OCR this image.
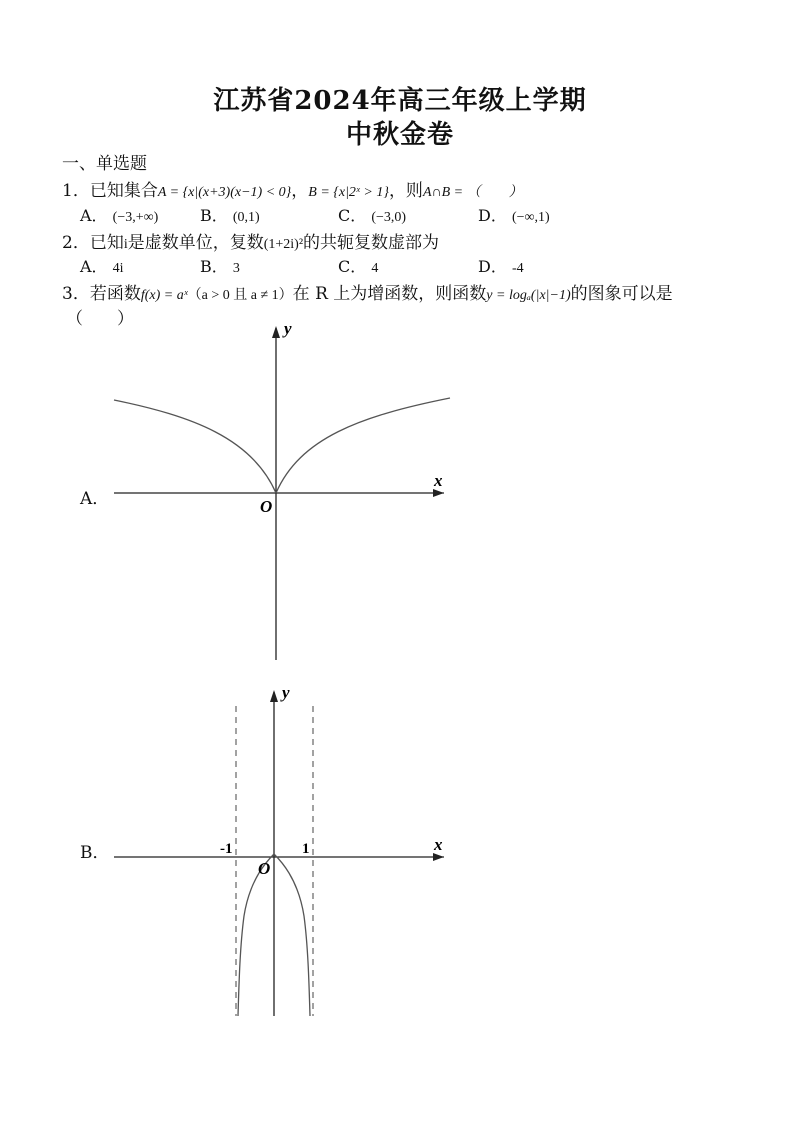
江苏省2024年高三年级上学期
中秋金卷
一、单选题
1．已知集合A = {x|(x+3)(x−1) < 0}，B = {x|2ˣ > 1}，则A∩B = （　　）
A． (−3,+∞)	B． (0,1)	C． (−3,0)	D． (−∞,1)
2．已知i是虚数单位，复数(1+2i)²的共轭复数虚部为
A． 4i	B． 3	C． 4	D． -4
3．若函数f(x) = aˣ（a > 0 且 a ≠ 1）在 R 上为增函数，则函数y = logₐ(|x|−1)的图象可以是
（　　）
A．
y
x
O
B．
y
x
O
-1	1
